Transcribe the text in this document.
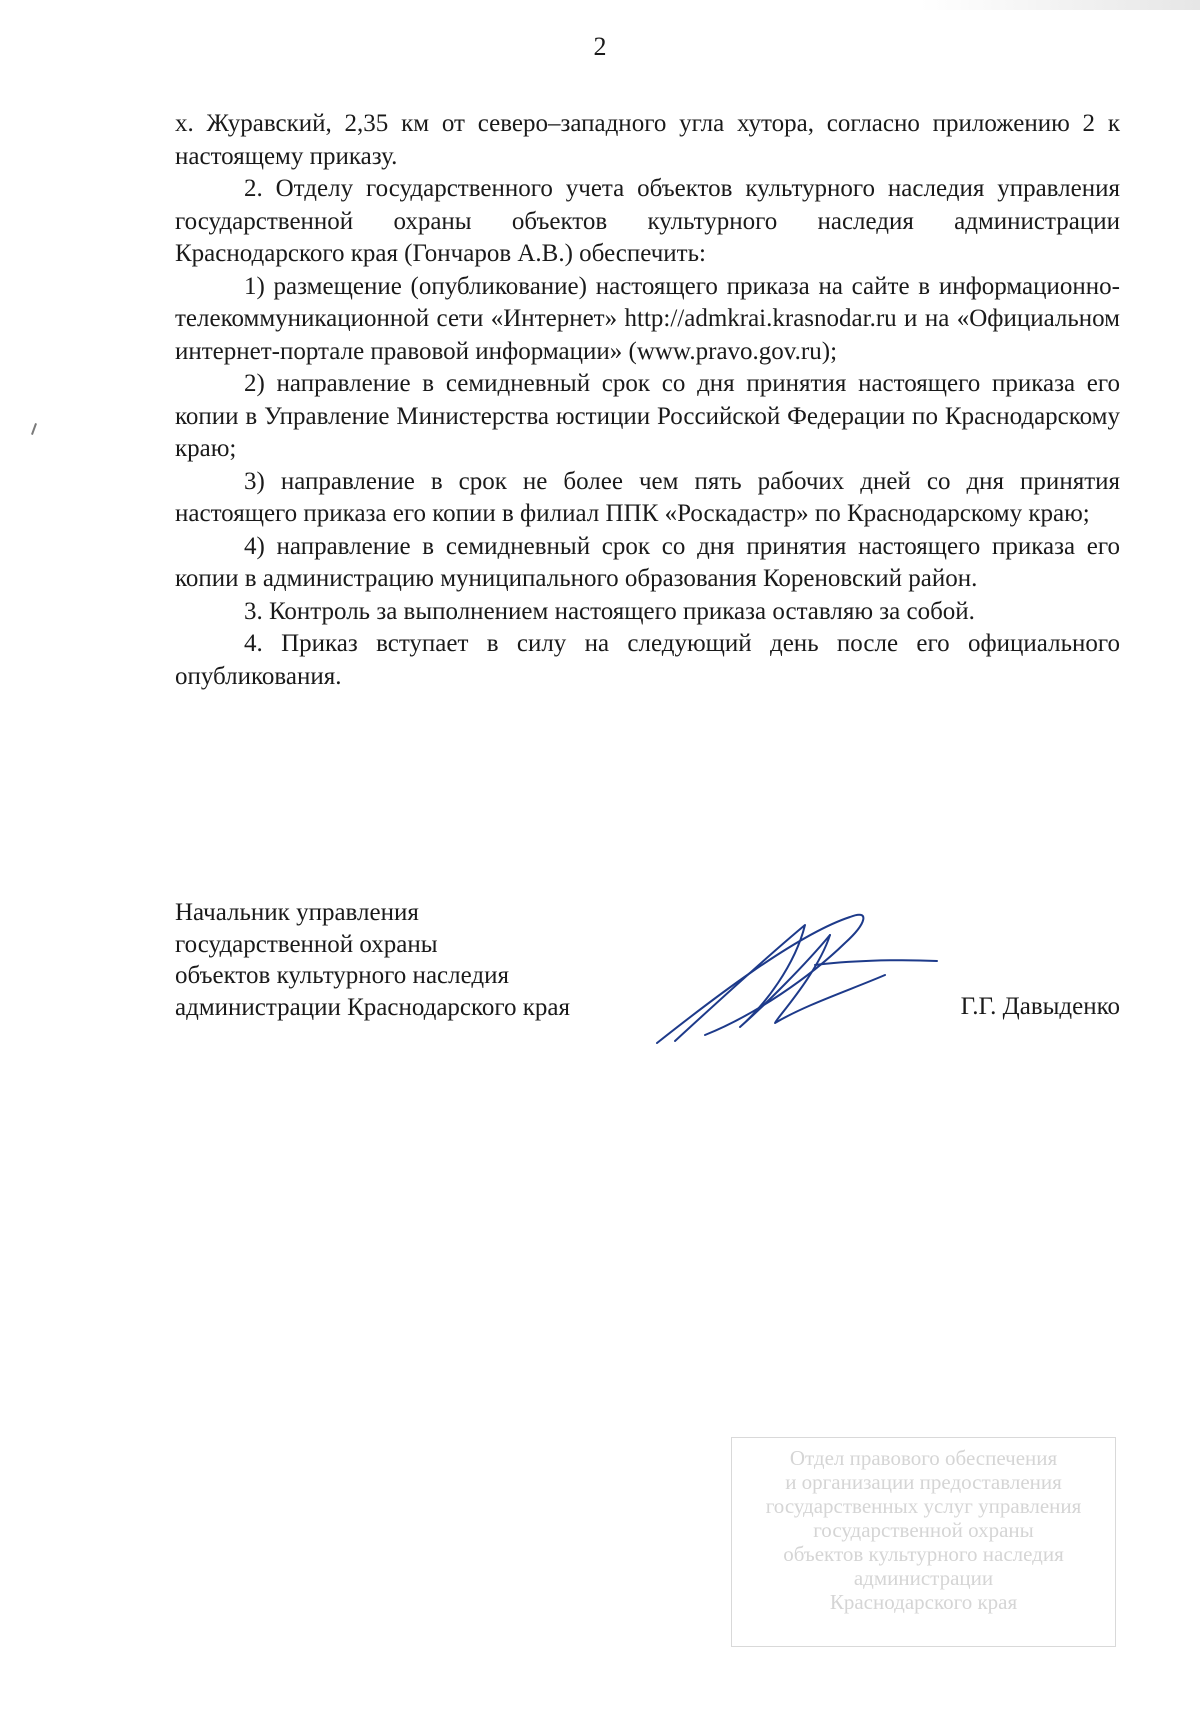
2

х. Журавский, 2,35 км от северо–западного угла хутора, согласно приложению 2 к настоящему приказу.

2. Отделу государственного учета объектов культурного наследия управления государственной охраны объектов культурного наследия администрации Краснодарского края (Гончаров А.В.) обеспечить:

1) размещение (опубликование) настоящего приказа на сайте в информационно-телекоммуникационной сети «Интернет» http://admkrai.krasnodar.ru и на «Официальном интернет-портале правовой информации» (www.pravo.gov.ru);

2) направление в семидневный срок со дня принятия настоящего приказа его копии в Управление Министерства юстиции Российской Федерации по Краснодарскому краю;

3) направление в срок не более чем пять рабочих дней со дня принятия настоящего приказа его копии в филиал ППК «Роскадастр» по Краснодарскому краю;

4) направление в семидневный срок со дня принятия настоящего приказа его копии в администрацию муниципального образования Кореновский район.

3. Контроль за выполнением настоящего приказа оставляю за собой.

4. Приказ вступает в силу на следующий день после его официального опубликования.

Начальник управления
государственной охраны
объектов культурного наследия
администрации Краснодарского края	Г.Г. Давыденко
Отдел правового обеспечения
и организации предоставления
государственных услуг управления
государственной охраны
объектов культурного наследия
администрации
Краснодарского края
